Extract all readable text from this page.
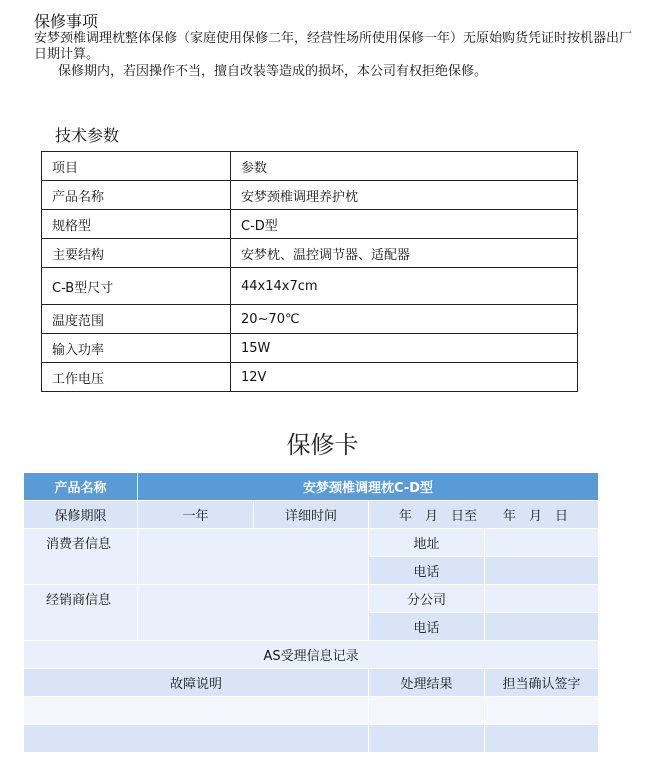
保修事项

安梦颈椎调理枕整体保修（家庭使用保修二年，经营性场所使用保修一年）无原始购货凭证时按机器出厂日期计算。

保修期内，若因操作不当，擅自改装等造成的损坏，本公司有权拒绝保修。

技术参数
项目	参数
产品名称	安梦颈椎调理养护枕
规格型	C-D型
主要结构	安梦枕、温控调节器、适配器
C-B型尺寸	44x14x7cm
温度范围	20~70℃
输入功率	15W
工作电压	12V
保修卡
产品名称	安梦颈椎调理枕C-D型			
保修期限	一年	详细时间	年　月　日至　　年　月　日	
消费者信息			地址	
			电话	
经销商信息			分公司	
			电话	
AS受理信息记录				
故障说明			处理结果	担当确认签字
